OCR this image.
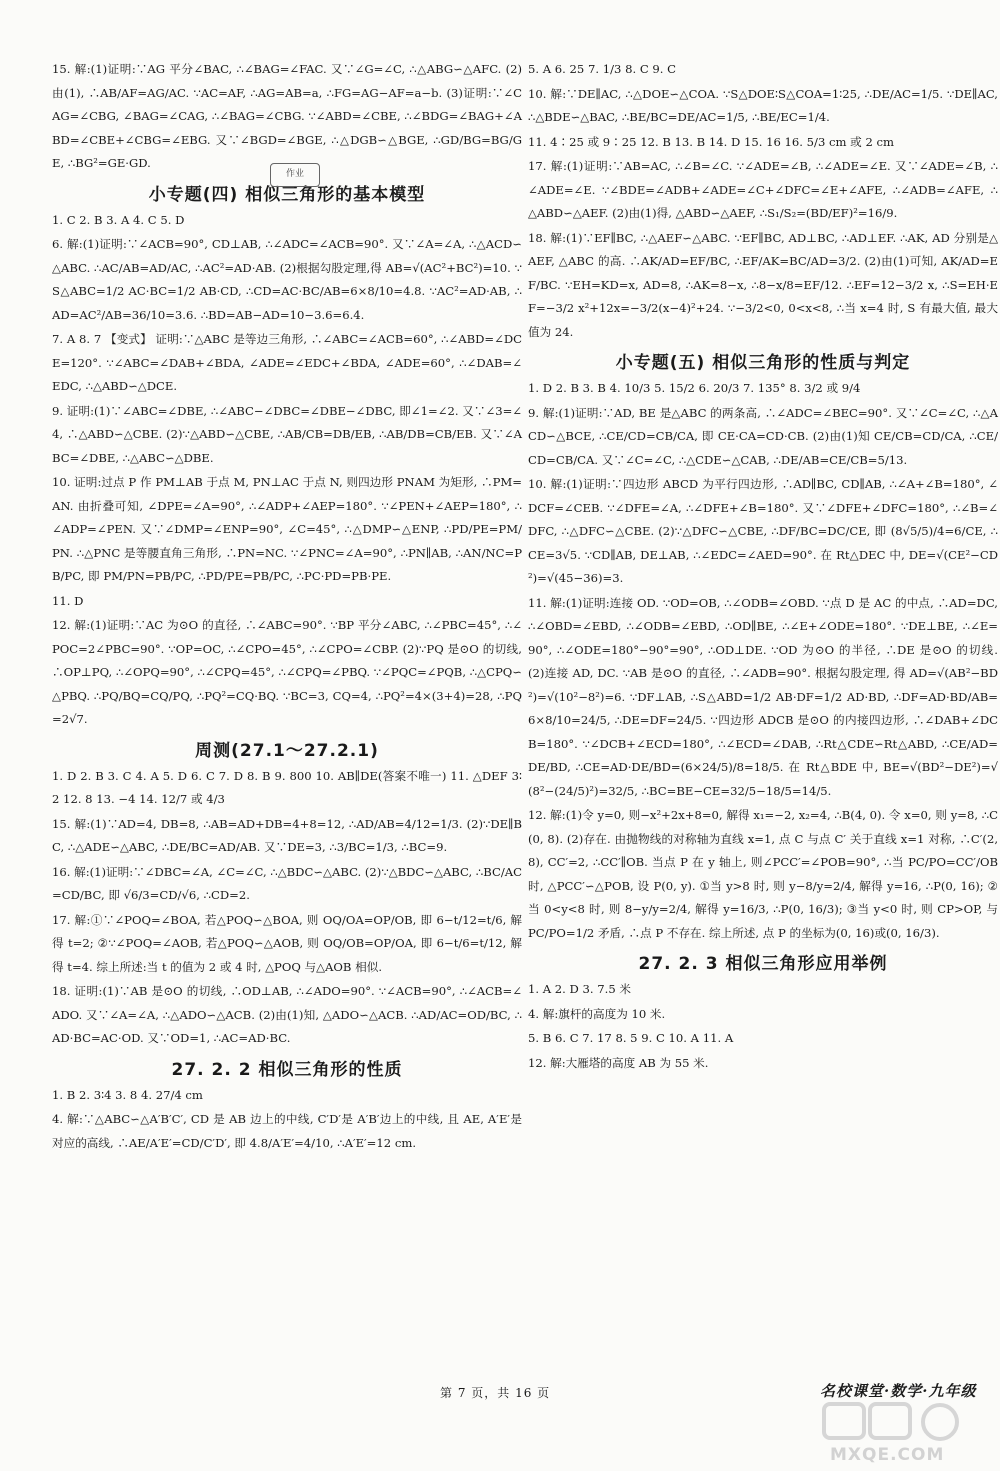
15. 解:(1)证明:∵AG 平分∠BAC, ∴∠BAG=∠FAC. 又∵∠G=∠C, ∴△ABG∽△AFC. (2)由(1), ∴AB/AF=AG/AC. ∵AC=AF, ∴AG=AB=a, ∴FG=AG−AF=a−b. (3)证明:∵∠CAG=∠CBG, ∠BAG=∠CAG, ∴∠BAG=∠CBG. ∵∠ABD=∠CBE, ∴∠BDG=∠BAG+∠ABD=∠CBE+∠CBG=∠EBG. 又∵∠BGD=∠BGE, ∴△DGB∽△BGE, ∴GD/BG=BG/GE, ∴BG²=GE·GD.
小专题(四) 相似三角形的基本模型
1. C 2. B 3. A 4. C 5. D
6. 解:(1)证明:∵∠ACB=90°, CD⊥AB, ∴∠ADC=∠ACB=90°. 又∵∠A=∠A, ∴△ACD∽△ABC. ∴AC/AB=AD/AC, ∴AC²=AD·AB. (2)根据勾股定理,得 AB=√(AC²+BC²)=10. ∵S△ABC=1/2 AC·BC=1/2 AB·CD, ∴CD=AC·BC/AB=6×8/10=4.8. ∵AC²=AD·AB, ∴AD=AC²/AB=36/10=3.6. ∴BD=AB−AD=10−3.6=6.4.
7. A 8. 7 【变式】 证明:∵△ABC 是等边三角形, ∴∠ABC=∠ACB=60°, ∴∠ABD=∠DCE=120°. ∵∠ABC=∠DAB+∠BDA, ∠ADE=∠EDC+∠BDA, ∠ADE=60°, ∴∠DAB=∠EDC, ∴△ABD∽△DCE.
9. 证明:(1)∵∠ABC=∠DBE, ∴∠ABC−∠DBC=∠DBE−∠DBC, 即∠1=∠2. 又∵∠3=∠4, ∴△ABD∽△CBE. (2)∵△ABD∽△CBE, ∴AB/CB=DB/EB, ∴AB/DB=CB/EB. 又∵∠ABC=∠DBE, ∴△ABC∽△DBE.
10. 证明:过点 P 作 PM⊥AB 于点 M, PN⊥AC 于点 N, 则四边形 PNAM 为矩形, ∴PM=AN. 由折叠可知, ∠DPE=∠A=90°, ∴∠ADP+∠AEP=180°. ∵∠PEN+∠AEP=180°, ∴∠ADP=∠PEN. 又∵∠DMP=∠ENP=90°, ∠C=45°, ∴△DMP∽△ENP, ∴PD/PE=PM/PN. ∴△PNC 是等腰直角三角形, ∴PN=NC. ∵∠PNC=∠A=90°, ∴PN∥AB, ∴AN/NC=PB/PC, 即 PM/PN=PB/PC, ∴PD/PE=PB/PC, ∴PC·PD=PB·PE.
11. D
12. 解:(1)证明:∵AC 为⊙O 的直径, ∴∠ABC=90°. ∵BP 平分∠ABC, ∴∠PBC=45°, ∴∠POC=2∠PBC=90°. ∵OP=OC, ∴∠CPO=45°, ∴∠CPO=∠CBP. (2)∵PQ 是⊙O 的切线, ∴OP⊥PQ, ∴∠OPQ=90°, ∴∠CPQ=45°, ∴∠CPQ=∠PBQ. ∵∠PQC=∠PQB, ∴△CPQ∽△PBQ. ∴PQ/BQ=CQ/PQ, ∴PQ²=CQ·BQ. ∵BC=3, CQ=4, ∴PQ²=4×(3+4)=28, ∴PQ=2√7.
周测(27.1～27.2.1)
1. D 2. B 3. C 4. A 5. D 6. C 7. D 8. B 9. 800 10. AB∥DE(答案不唯一) 11. △DEF 3∶2 12. 8 13. −4 14. 12/7 或 4/3
15. 解:(1)∵AD=4, DB=8, ∴AB=AD+DB=4+8=12, ∴AD/AB=4/12=1/3. (2)∵DE∥BC, ∴△ADE∽△ABC, ∴DE/BC=AD/AB. 又∵DE=3, ∴3/BC=1/3, ∴BC=9.
16. 解:(1)证明:∵∠DBC=∠A, ∠C=∠C, ∴△BDC∽△ABC. (2)∵△BDC∽△ABC, ∴BC/AC=CD/BC, 即 √6/3=CD/√6, ∴CD=2.
17. 解:①∵∠POQ=∠BOA, 若△POQ∽△BOA, 则 OQ/OA=OP/OB, 即 6−t/12=t/6, 解得 t=2; ②∵∠POQ=∠AOB, 若△POQ∽△AOB, 则 OQ/OB=OP/OA, 即 6−t/6=t/12, 解得 t=4. 综上所述:当 t 的值为 2 或 4 时, △POQ 与△AOB 相似.
18. 证明:(1)∵AB 是⊙O 的切线, ∴OD⊥AB, ∴∠ADO=90°. ∵∠ACB=90°, ∴∠ACB=∠ADO. 又∵∠A=∠A, ∴△ADO∽△ACB. (2)由(1)知, △ADO∽△ACB. ∴AD/AC=OD/BC, ∴AD·BC=AC·OD. 又∵OD=1, ∴AC=AD·BC.
27. 2. 2 相似三角形的性质
1. B 2. 3∶4 3. 8 4. 27/4 cm
4. 解:∵△ABC∽△A′B′C′, CD 是 AB 边上的中线, C′D′是 A′B′边上的中线, 且 AE, A′E′是对应的高线, ∴AE/A′E′=CD/C′D′, 即 4.8/A′E′=4/10, ∴A′E′=12 cm.
5. A 6. 25 7. 1/3 8. C 9. C
10. 解:∵DE∥AC, ∴△DOE∽△COA. ∵S△DOE∶S△COA=1∶25, ∴DE/AC=1/5. ∵DE∥AC, ∴△BDE∽△BAC, ∴BE/BC=DE/AC=1/5, ∴BE/EC=1/4.
11. 4∶25 或 9∶25 12. B 13. B 14. D 15. 16 16. 5/3 cm 或 2 cm
17. 解:(1)证明:∵AB=AC, ∴∠B=∠C. ∵∠ADE=∠B, ∴∠ADE=∠E. 又∵∠ADE=∠B, ∴∠ADE=∠E. ∵∠BDE=∠ADB+∠ADE=∠C+∠DFC=∠E+∠AFE, ∴∠ADB=∠AFE, ∴△ABD∽△AEF. (2)由(1)得, △ABD∽△AEF, ∴S₁/S₂=(BD/EF)²=16/9.
18. 解:(1)∵EF∥BC, ∴△AEF∽△ABC. ∵EF∥BC, AD⊥BC, ∴AD⊥EF. ∴AK, AD 分别是△AEF, △ABC 的高. ∴AK/AD=EF/BC, ∴EF/AK=BC/AD=3/2. (2)由(1)可知, AK/AD=EF/BC. ∵EH=KD=x, AD=8, ∴AK=8−x, ∴8−x/8=EF/12. ∴EF=12−3/2 x, ∴S=EH·EF=−3/2 x²+12x=−3/2(x−4)²+24. ∵−3/2<0, 0<x<8, ∴当 x=4 时, S 有最大值, 最大值为 24.
小专题(五) 相似三角形的性质与判定
1. D 2. B 3. B 4. 10/3 5. 15/2 6. 20/3 7. 135° 8. 3/2 或 9/4
9. 解:(1)证明:∵AD, BE 是△ABC 的两条高, ∴∠ADC=∠BEC=90°. 又∵∠C=∠C, ∴△ACD∽△BCE, ∴CE/CD=CB/CA, 即 CE·CA=CD·CB. (2)由(1)知 CE/CB=CD/CA, ∴CE/CD=CB/CA. 又∵∠C=∠C, ∴△CDE∽△CAB, ∴DE/AB=CE/CB=5/13.
10. 解:(1)证明:∵四边形 ABCD 为平行四边形, ∴AD∥BC, CD∥AB, ∴∠A+∠B=180°, ∠DCF=∠CEB. ∵∠DFE=∠A, ∴∠DFE+∠B=180°. 又∵∠DFE+∠DFC=180°, ∴∠B=∠DFC, ∴△DFC∽△CBE. (2)∵△DFC∽△CBE, ∴DF/BC=DC/CE, 即 (8√5/5)/4=6/CE, ∴CE=3√5. ∵CD∥AB, DE⊥AB, ∴∠EDC=∠AED=90°. 在 Rt△DEC 中, DE=√(CE²−CD²)=√(45−36)=3.
11. 解:(1)证明:连接 OD. ∵OD=OB, ∴∠ODB=∠OBD. ∵点 D 是 AC 的中点, ∴AD=DC, ∴∠OBD=∠EBD, ∴∠ODB=∠EBD, ∴OD∥BE, ∴∠E+∠ODE=180°. ∵DE⊥BE, ∴∠E=90°, ∴∠ODE=180°−90°=90°, ∴OD⊥DE. ∵OD 为⊙O 的半径, ∴DE 是⊙O 的切线. (2)连接 AD, DC. ∵AB 是⊙O 的直径, ∴∠ADB=90°. 根据勾股定理, 得 AD=√(AB²−BD²)=√(10²−8²)=6. ∵DF⊥AB, ∴S△ABD=1/2 AB·DF=1/2 AD·BD, ∴DF=AD·BD/AB=6×8/10=24/5, ∴DE=DF=24/5. ∵四边形 ADCB 是⊙O 的内接四边形, ∴∠DAB+∠DCB=180°. ∵∠DCB+∠ECD=180°, ∴∠ECD=∠DAB, ∴Rt△CDE∽Rt△ABD, ∴CE/AD=DE/BD, ∴CE=AD·DE/BD=(6×24/5)/8=18/5. 在 Rt△BDE 中, BE=√(BD²−DE²)=√(8²−(24/5)²)=32/5, ∴BC=BE−CE=32/5−18/5=14/5.
12. 解:(1)令 y=0, 则−x²+2x+8=0, 解得 x₁=−2, x₂=4, ∴B(4, 0). 令 x=0, 则 y=8, ∴C(0, 8). (2)存在. 由抛物线的对称轴为直线 x=1, 点 C 与点 C′ 关于直线 x=1 对称, ∴C′(2, 8), CC′=2, ∴CC′∥OB. 当点 P 在 y 轴上, 则∠PCC′=∠POB=90°, ∴当 PC/PO=CC′/OB 时, △PCC′∽△POB, 设 P(0, y). ①当 y>8 时, 则 y−8/y=2/4, 解得 y=16, ∴P(0, 16); ②当 0<y<8 时, 则 8−y/y=2/4, 解得 y=16/3, ∴P(0, 16/3); ③当 y<0 时, 则 CP>OP, 与 PC/PO=1/2 矛盾, ∴点 P 不存在. 综上所述, 点 P 的坐标为(0, 16)或(0, 16/3).
27. 2. 3 相似三角形应用举例
1. A 2. D 3. 7.5 米
4. 解:旗杆的高度为 10 米.
5. B 6. C 7. 17 8. 5 9. C 10. A 11. A
12. 解:大雁塔的高度 AB 为 55 米.
作业
第 7 页，共 16 页	名校课堂·数学·九年级
MXQE.COM
